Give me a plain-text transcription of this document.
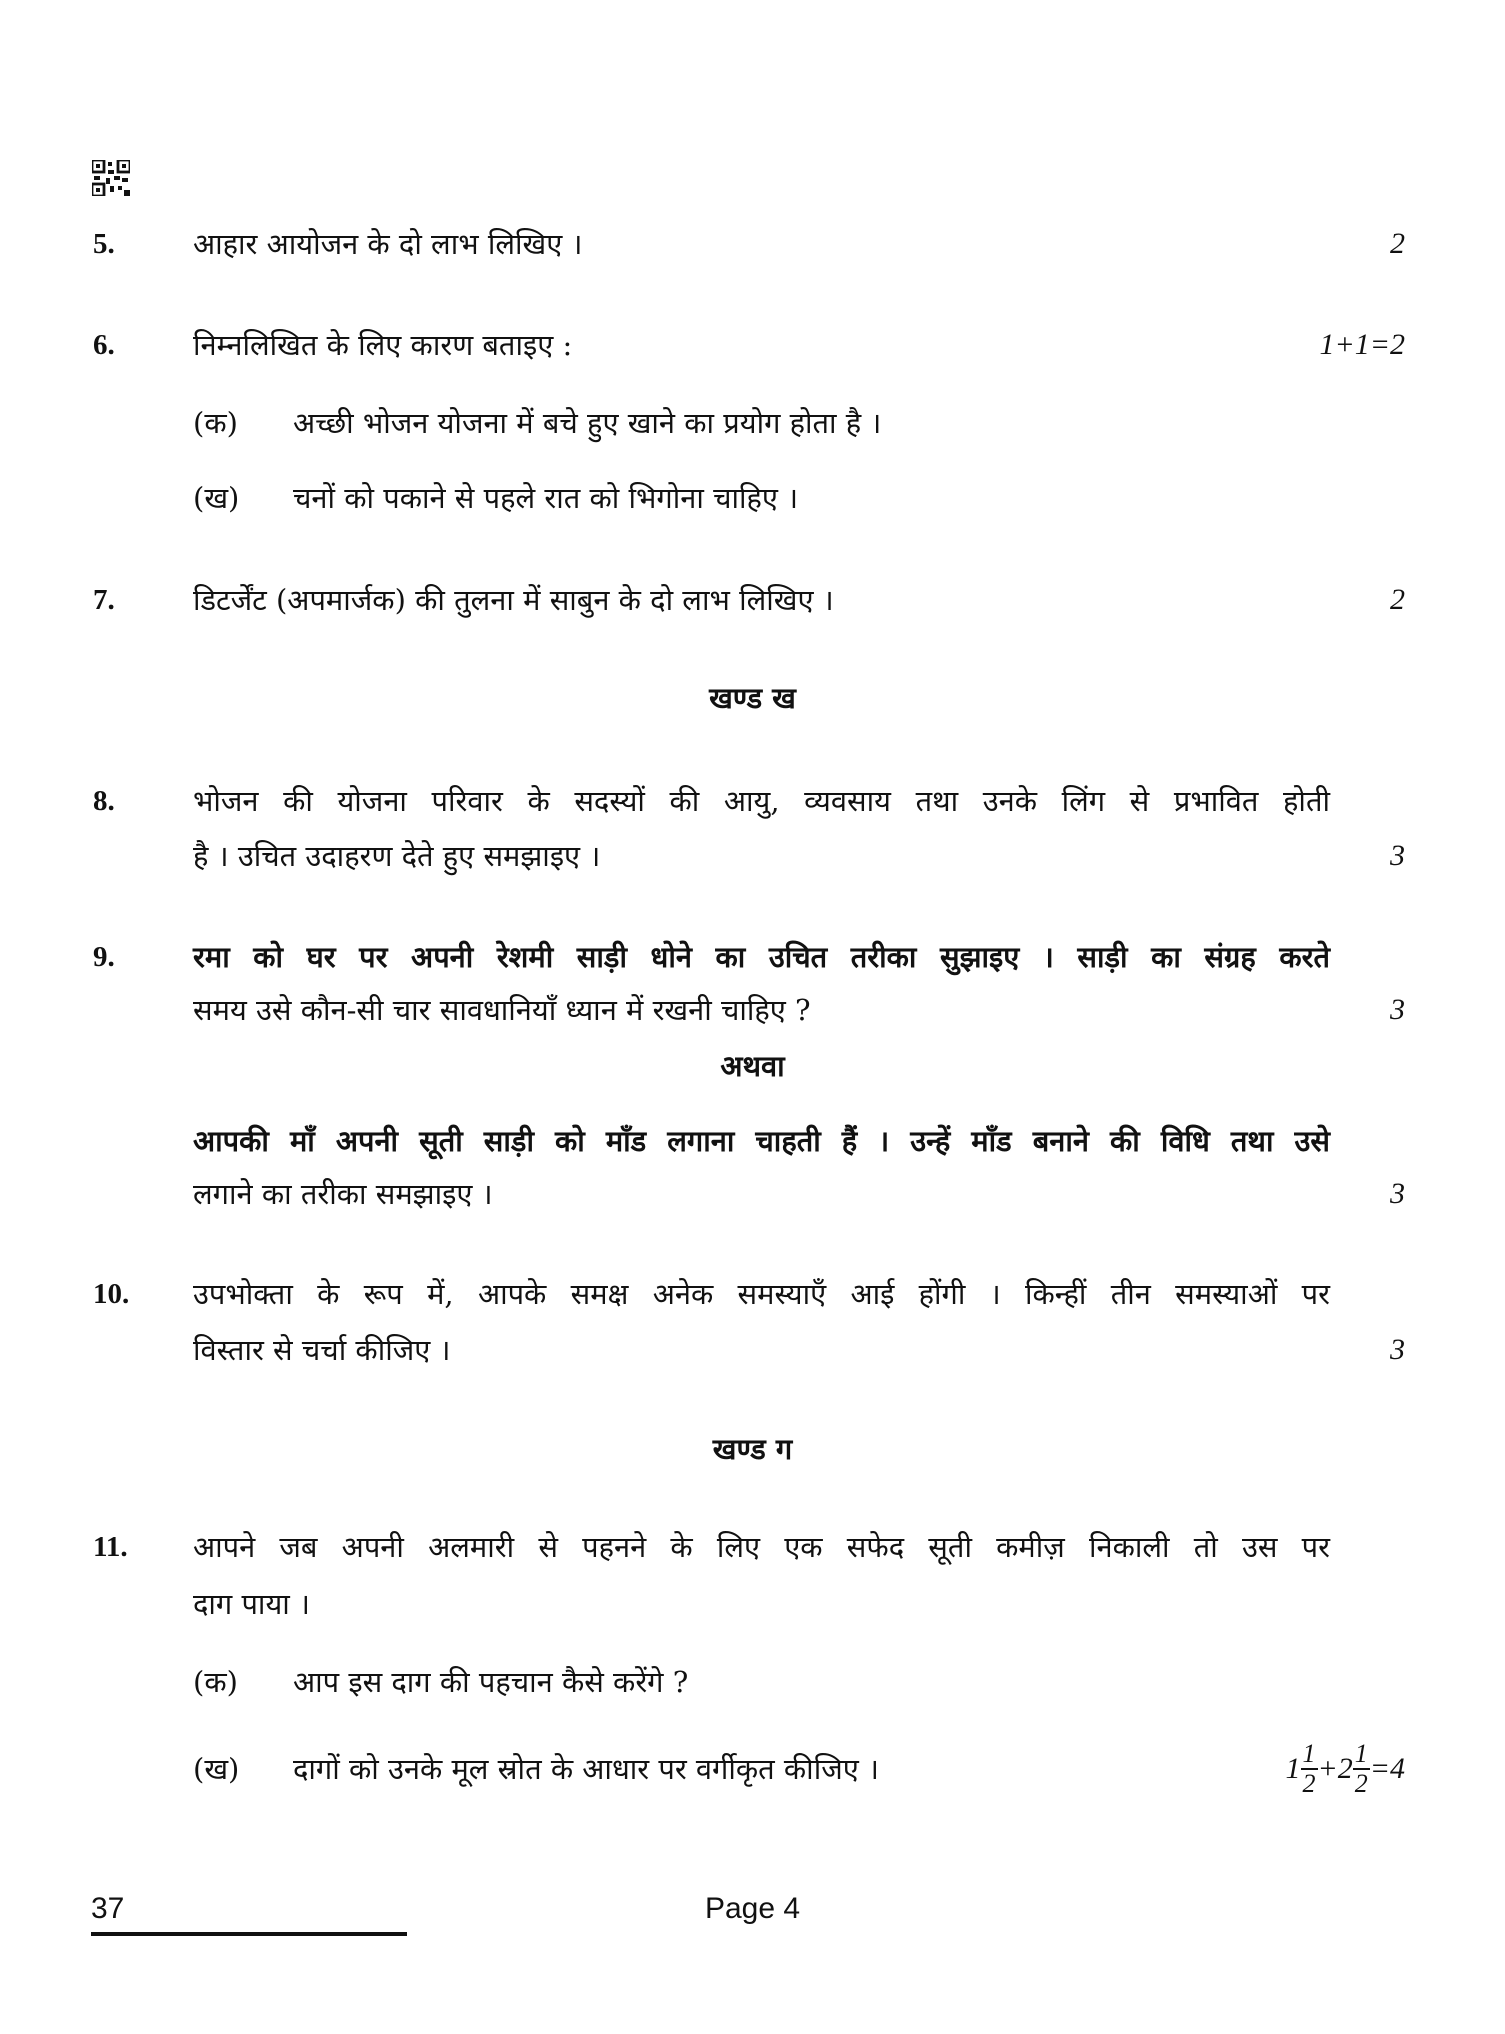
5.	आहार आयोजन के दो लाभ लिखिए ।	2
6.	निम्नलिखित के लिए कारण बताइए :	1+1=2
(क) अच्छी भोजन योजना में बचे हुए खाने का प्रयोग होता है ।
(ख) चनों को पकाने से पहले रात को भिगोना चाहिए ।
7.	डिटर्जेंट (अपमार्जक) की तुलना में साबुन के दो लाभ लिखिए ।	2
खण्ड ख
8.	भोजन की योजना परिवार के सदस्यों की आयु, व्यवसाय तथा उनके लिंग से प्रभावित होती
है । उचित उदाहरण देते हुए समझाइए ।	3
9.	रमा को घर पर अपनी रेशमी साड़ी धोने का उचित तरीका सुझाइए । साड़ी का संग्रह करते
समय उसे कौन-सी चार सावधानियाँ ध्यान में रखनी चाहिए ?	3
अथवा
आपकी माँ अपनी सूती साड़ी को माँड लगाना चाहती हैं । उन्हें माँड बनाने की विधि तथा उसे
लगाने का तरीका समझाइए ।	3
10. उपभोक्ता के रूप में, आपके समक्ष अनेक समस्याएँ आई होंगी । किन्हीं तीन समस्याओं पर
विस्तार से चर्चा कीजिए ।	3
खण्ड ग
11. आपने जब अपनी अलमारी से पहनने के लिए एक सफेद सूती कमीज़ निकाली तो उस पर
दाग पाया ।
(क) आप इस दाग की पहचान कैसे करेंगे ?
(ख) दागों को उनके मूल स्रोत के आधार पर वर्गीकृत कीजिए ।	$1 \frac{1}{2} +2 \frac{1}{2} =4$
37	Page 4
